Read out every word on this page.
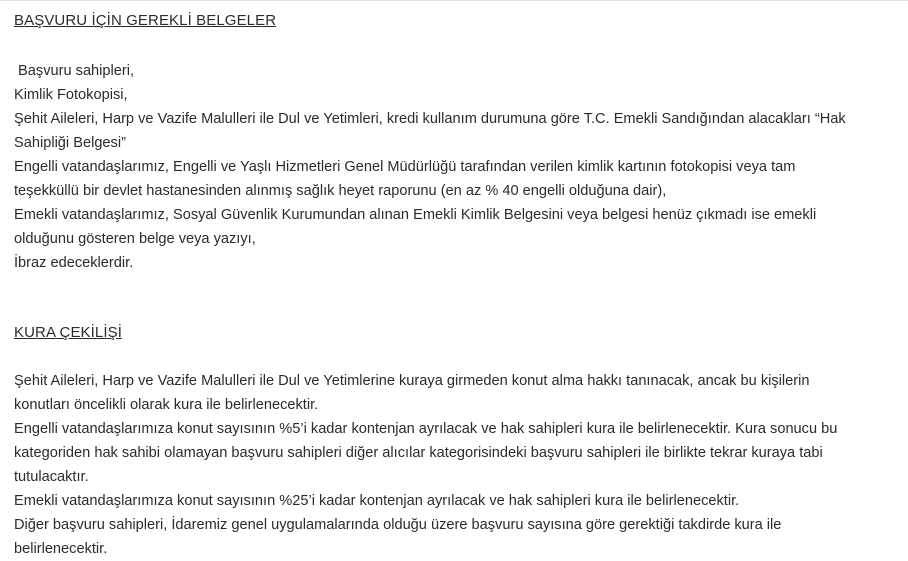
BAŞVURU İÇİN GEREKLİ BELGELER
Başvuru sahipleri,
Kimlik Fotokopisi,
Şehit Aileleri, Harp ve Vazife Malulleri ile Dul ve Yetimleri, kredi kullanım durumuna göre T.C. Emekli Sandığından alacakları “Hak
Sahipliği Belgesi”
Engelli vatandaşlarımız, Engelli ve Yaşlı Hizmetleri Genel Müdürlüğü tarafından verilen kimlik kartının fotokopisi veya tam
teşekküllü bir devlet hastanesinden alınmış sağlık heyet raporunu (en az % 40 engelli olduğuna dair),
Emekli vatandaşlarımız, Sosyal Güvenlik Kurumundan alınan Emekli Kimlik Belgesini veya belgesi henüz çıkmadı ise emekli
olduğunu gösteren belge veya yazıyı,
İbraz edeceklerdir.
KURA ÇEKİLİŞİ
Şehit Aileleri, Harp ve Vazife Malulleri ile Dul ve Yetimlerine kuraya girmeden konut alma hakkı tanınacak, ancak bu kişilerin
konutları öncelikli olarak kura ile belirlenecektir.
Engelli vatandaşlarımıza konut sayısının %5’i kadar kontenjan ayrılacak ve hak sahipleri kura ile belirlenecektir. Kura sonucu bu
kategoriden hak sahibi olamayan başvuru sahipleri diğer alıcılar kategorisindeki başvuru sahipleri ile birlikte tekrar kuraya tabi
tutulacaktır.
Emekli vatandaşlarımıza konut sayısının %25’i kadar kontenjan ayrılacak ve hak sahipleri kura ile belirlenecektir.
Diğer başvuru sahipleri, İdaremiz genel uygulamalarında olduğu üzere başvuru sayısına göre gerektiği takdirde kura ile
belirlenecektir.
